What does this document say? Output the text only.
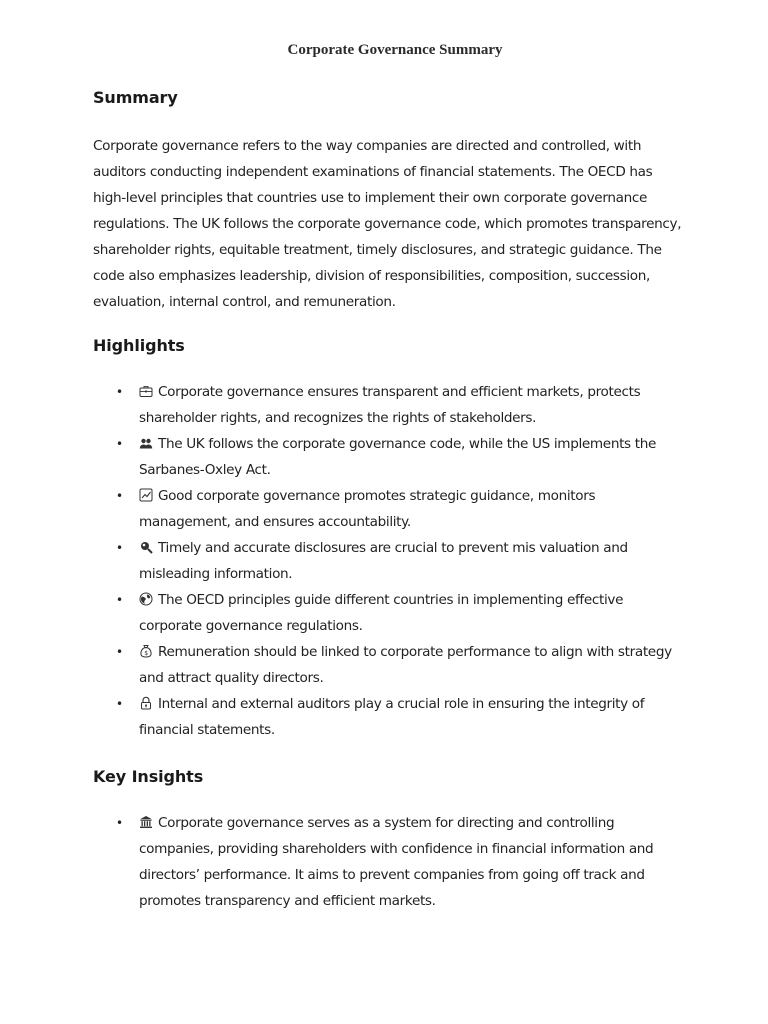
Corporate Governance Summary
Summary

Corporate governance refers to the way companies are directed and controlled, with auditors conducting independent examinations of financial statements. The OECD has high-level principles that countries use to implement their own corporate governance regulations. The UK follows the corporate governance code, which promotes transparency, shareholder rights, equitable treatment, timely disclosures, and strategic guidance. The code also emphasizes leadership, division of responsibilities, composition, succession, evaluation, internal control, and remuneration.

Highlights
•	Corporate governance ensures transparent and efficient markets, protects shareholder rights, and recognizes the rights of stakeholders.
•	The UK follows the corporate governance code, while the US implements the Sarbanes-Oxley Act.
•	Good corporate governance promotes strategic guidance, monitors management, and ensures accountability.
•	Timely and accurate disclosures are crucial to prevent mis valuation and misleading information.
•	The OECD principles guide different countries in implementing effective corporate governance regulations.
•	$ Remuneration should be linked to corporate performance to align with strategy and attract quality directors.
•	Internal and external auditors play a crucial role in ensuring the integrity of financial statements.
Key Insights
•	Corporate governance serves as a system for directing and controlling companies, providing shareholders with confidence in financial information and directors’ performance. It aims to prevent companies from going off track and promotes transparency and efficient markets.
